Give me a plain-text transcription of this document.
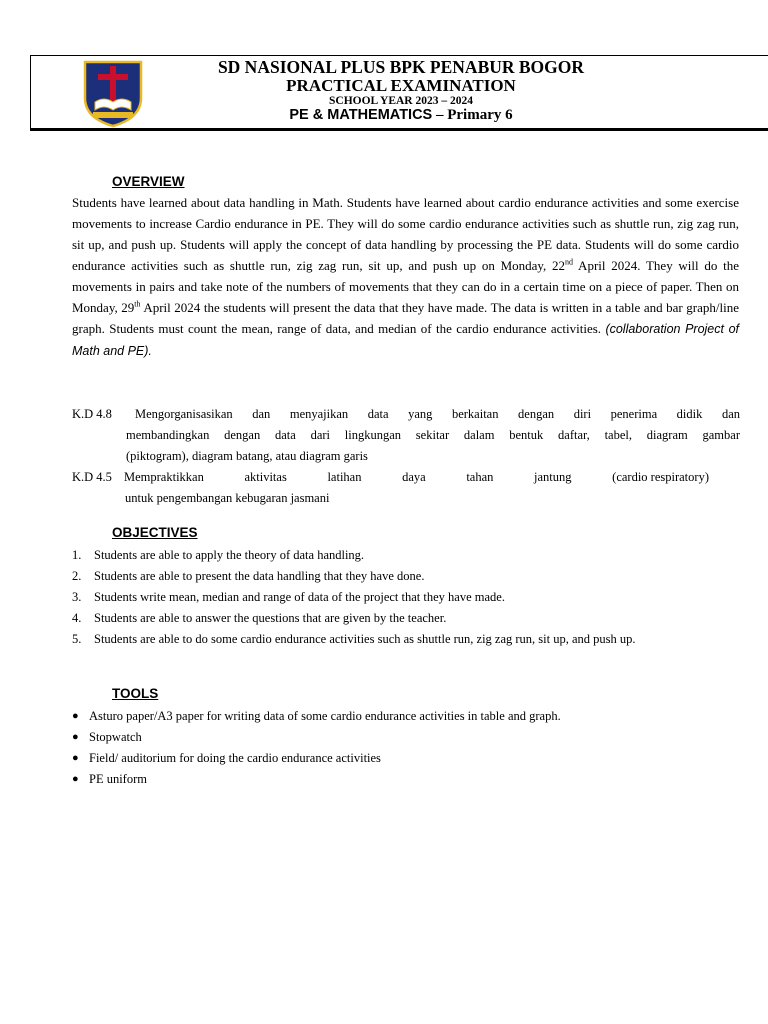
SD NASIONAL PLUS BPK PENABUR BOGOR
PRACTICAL EXAMINATION
SCHOOL YEAR 2023 – 2024
PE & MATHEMATICS – Primary 6
OVERVIEW
Students have learned about data handling in Math. Students have learned about cardio endurance activities and some exercise movements to increase Cardio endurance in PE. They will do some cardio endurance activities such as shuttle run, zig zag run, sit up, and push up. Students will apply the concept of data handling by processing the PE data. Students will do some cardio endurance activities such as shuttle run, zig zag run, sit up, and push up on Monday, 22nd April 2024. They will do the movements in pairs and take note of the numbers of movements that they can do in a certain time on a piece of paper. Then on Monday, 29th April 2024 the students will present the data that they have made. The data is written in a table and bar graph/line graph. Students must count the mean, range of data, and median of the cardio endurance activities. (collaboration Project of Math and PE).
K.D 4.8 Mengorganisasikan dan menyajikan data yang berkaitan dengan diri penerima didik dan
membandingkan dengan data dari lingkungan sekitar dalam bentuk daftar, tabel, diagram gambar
(piktogram), diagram batang, atau diagram garis
K.D 4.5 Mempraktikkan	aktivitas	latihan	daya	tahan	jantung	(cardio respiratory)
untuk pengembangan kebugaran jasmani
OBJECTIVES
1. Students are able to apply the theory of data handling.
2. Students are able to present the data handling that they have done.
3. Students write mean, median and range of data of the project that they have made.
4. Students are able to answer the questions that are given by the teacher.
5. Students are able to do some cardio endurance activities such as shuttle run, zig zag run, sit up, and push up.
TOOLS
● Asturo paper/A3 paper for writing data of some cardio endurance activities in table and graph.
● Stopwatch
● Field/ auditorium for doing the cardio endurance activities
● PE uniform
